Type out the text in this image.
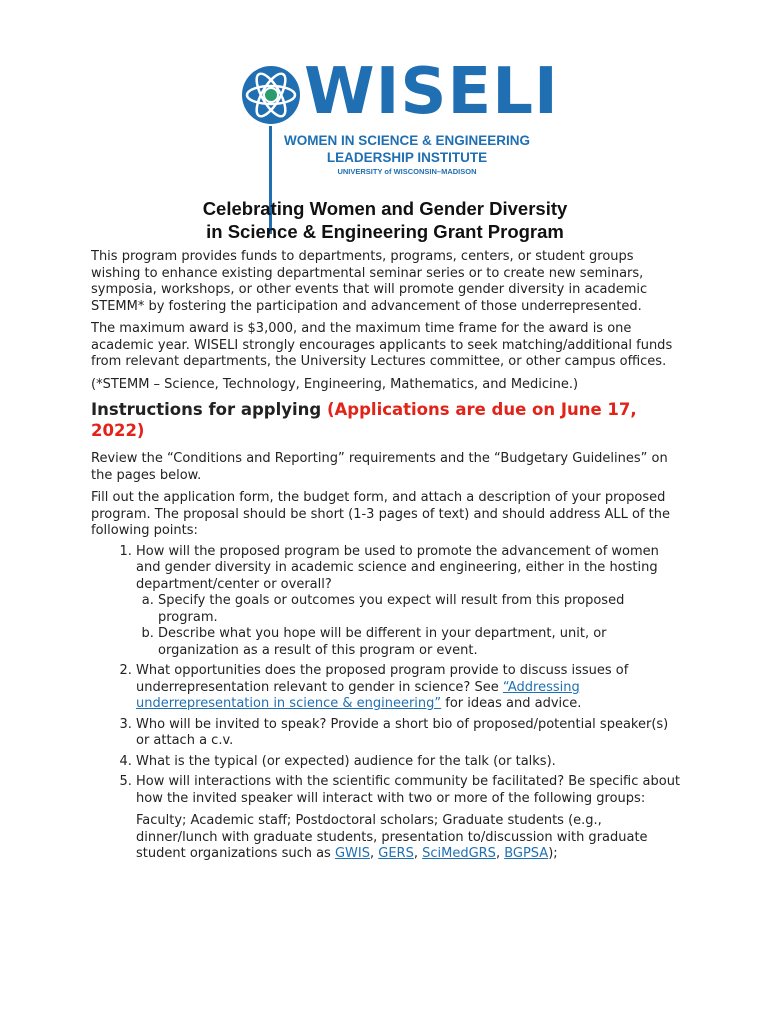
WISELI
WOMEN IN SCIENCE & ENGINEERING
LEADERSHIP INSTITUTE
UNIVERSITY of WISCONSIN–MADISON
Celebrating Women and Gender Diversity
in Science & Engineering Grant Program

This program provides funds to departments, programs, centers, or student groups wishing to enhance existing departmental seminar series or to create new seminars, symposia, workshops, or other events that will promote gender diversity in academic STEMM* by fostering the participation and advancement of those underrepresented.

The maximum award is $3,000, and the maximum time frame for the award is one academic year. WISELI strongly encourages applicants to seek matching/additional funds from relevant departments, the University Lectures committee, or other campus offices.

(*STEMM – Science, Technology, Engineering, Mathematics, and Medicine.)

Instructions for applying (Applications are due on June 17, 2022)

Review the “Conditions and Reporting” requirements and the “Budgetary Guidelines” on the pages below.

Fill out the application form, the budget form, and attach a description of your proposed program. The proposal should be short (1-3 pages of text) and should address ALL of the following points:

1. How will the proposed program be used to promote the advancement of women and gender diversity in academic science and engineering, either in the hosting department/center or overall?
a. Specify the goals or outcomes you expect will result from this proposed program.
b. Describe what you hope will be different in your department, unit, or organization as a result of this program or event.
2. What opportunities does the proposed program provide to discuss issues of underrepresentation relevant to gender in science? See “Addressing underrepresentation in science & engineering” for ideas and advice.
3. Who will be invited to speak? Provide a short bio of proposed/potential speaker(s) or attach a c.v.
4. What is the typical (or expected) audience for the talk (or talks).
5. How will interactions with the scientific community be facilitated? Be specific about how the invited speaker will interact with two or more of the following groups:
Faculty; Academic staff; Postdoctoral scholars; Graduate students (e.g., dinner/lunch with graduate students, presentation to/discussion with graduate student organizations such as GWIS, GERS, SciMedGRS, BGPSA);
